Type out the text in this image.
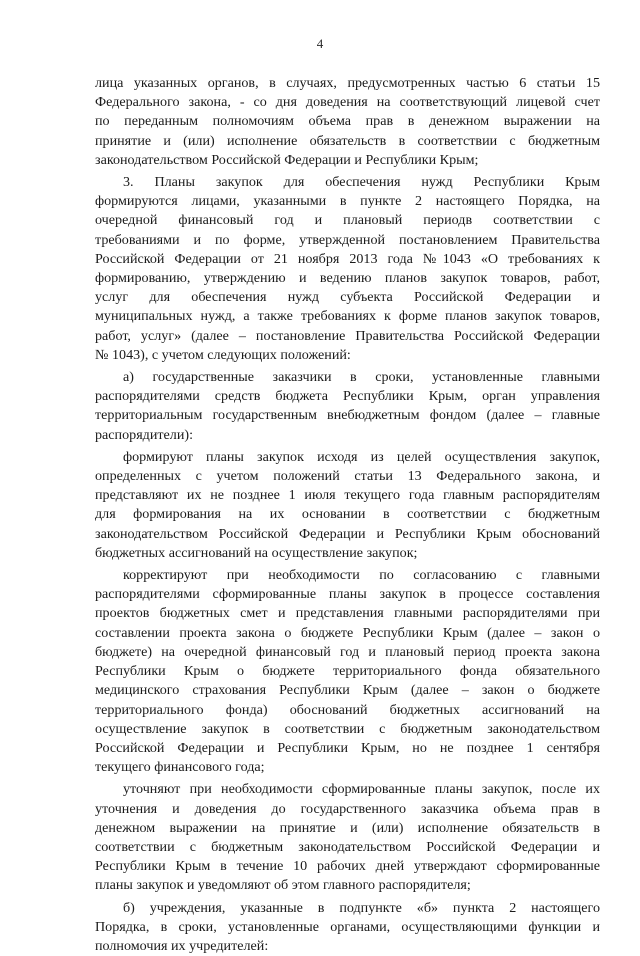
4
лица указанных органов, в случаях, предусмотренных частью 6 статьи 15
Федерального закона, - со дня доведения на соответствующий лицевой счет
по переданным полномочиям объема прав в денежном выражении на
принятие и (или) исполнение обязательств в соответствии с бюджетным
законодательством Российской Федерации и Республики Крым;
3. Планы закупок для обеспечения нужд Республики Крым
формируются лицами, указанными в пункте 2 настоящего Порядка, на
очередной финансовый год и плановый периодв соответствии с
требованиями и по форме, утвержденной постановлением Правительства
Российской Федерации от 21 ноября 2013 года №1043 «О требованиях к
формированию, утверждению и ведению планов закупок товаров, работ,
услуг для обеспечения нужд субъекта Российской Федерации и
муниципальных нужд, а также требованиях к форме планов закупок товаров,
работ, услуг» (далее – постановление Правительства Российской Федерации
№ 1043), с учетом следующих положений:
а) государственные заказчики в сроки, установленные главными
распорядителями средств бюджета Республики Крым, орган управления
территориальным государственным внебюджетным фондом (далее – главные
распорядители):
формируют планы закупок исходя из целей осуществления закупок,
определенных с учетом положений статьи 13 Федерального закона, и
представляют их не позднее 1 июля текущего года главным распорядителям
для формирования на их основании в соответствии с бюджетным
законодательством Российской Федерации и Республики Крым обоснований
бюджетных ассигнований на осуществление закупок;
корректируют при необходимости по согласованию с главными
распорядителями сформированные планы закупок в процессе составления
проектов бюджетных смет и представления главными распорядителями при
составлении проекта закона о бюджете Республики Крым (далее – закон о
бюджете) на очередной финансовый год и плановый период проекта закона
Республики Крым о бюджете территориального фонда обязательного
медицинского страхования Республики Крым (далее – закон о бюджете
территориального фонда) обоснований бюджетных ассигнований на
осуществление закупок в соответствии с бюджетным законодательством
Российской Федерации и Республики Крым, но не позднее 1 сентября
текущего финансового года;
уточняют при необходимости сформированные планы закупок, после их
уточнения и доведения до государственного заказчика объема прав в
денежном выражении на принятие и (или) исполнение обязательств в
соответствии с бюджетным законодательством Российской Федерации и
Республики Крым в течение 10 рабочих дней утверждают сформированные
планы закупок и уведомляют об этом главного распорядителя;
б) учреждения, указанные в подпункте «б» пункта 2 настоящего
Порядка, в сроки, установленные органами, осуществляющими функции и
полномочия их учредителей:
